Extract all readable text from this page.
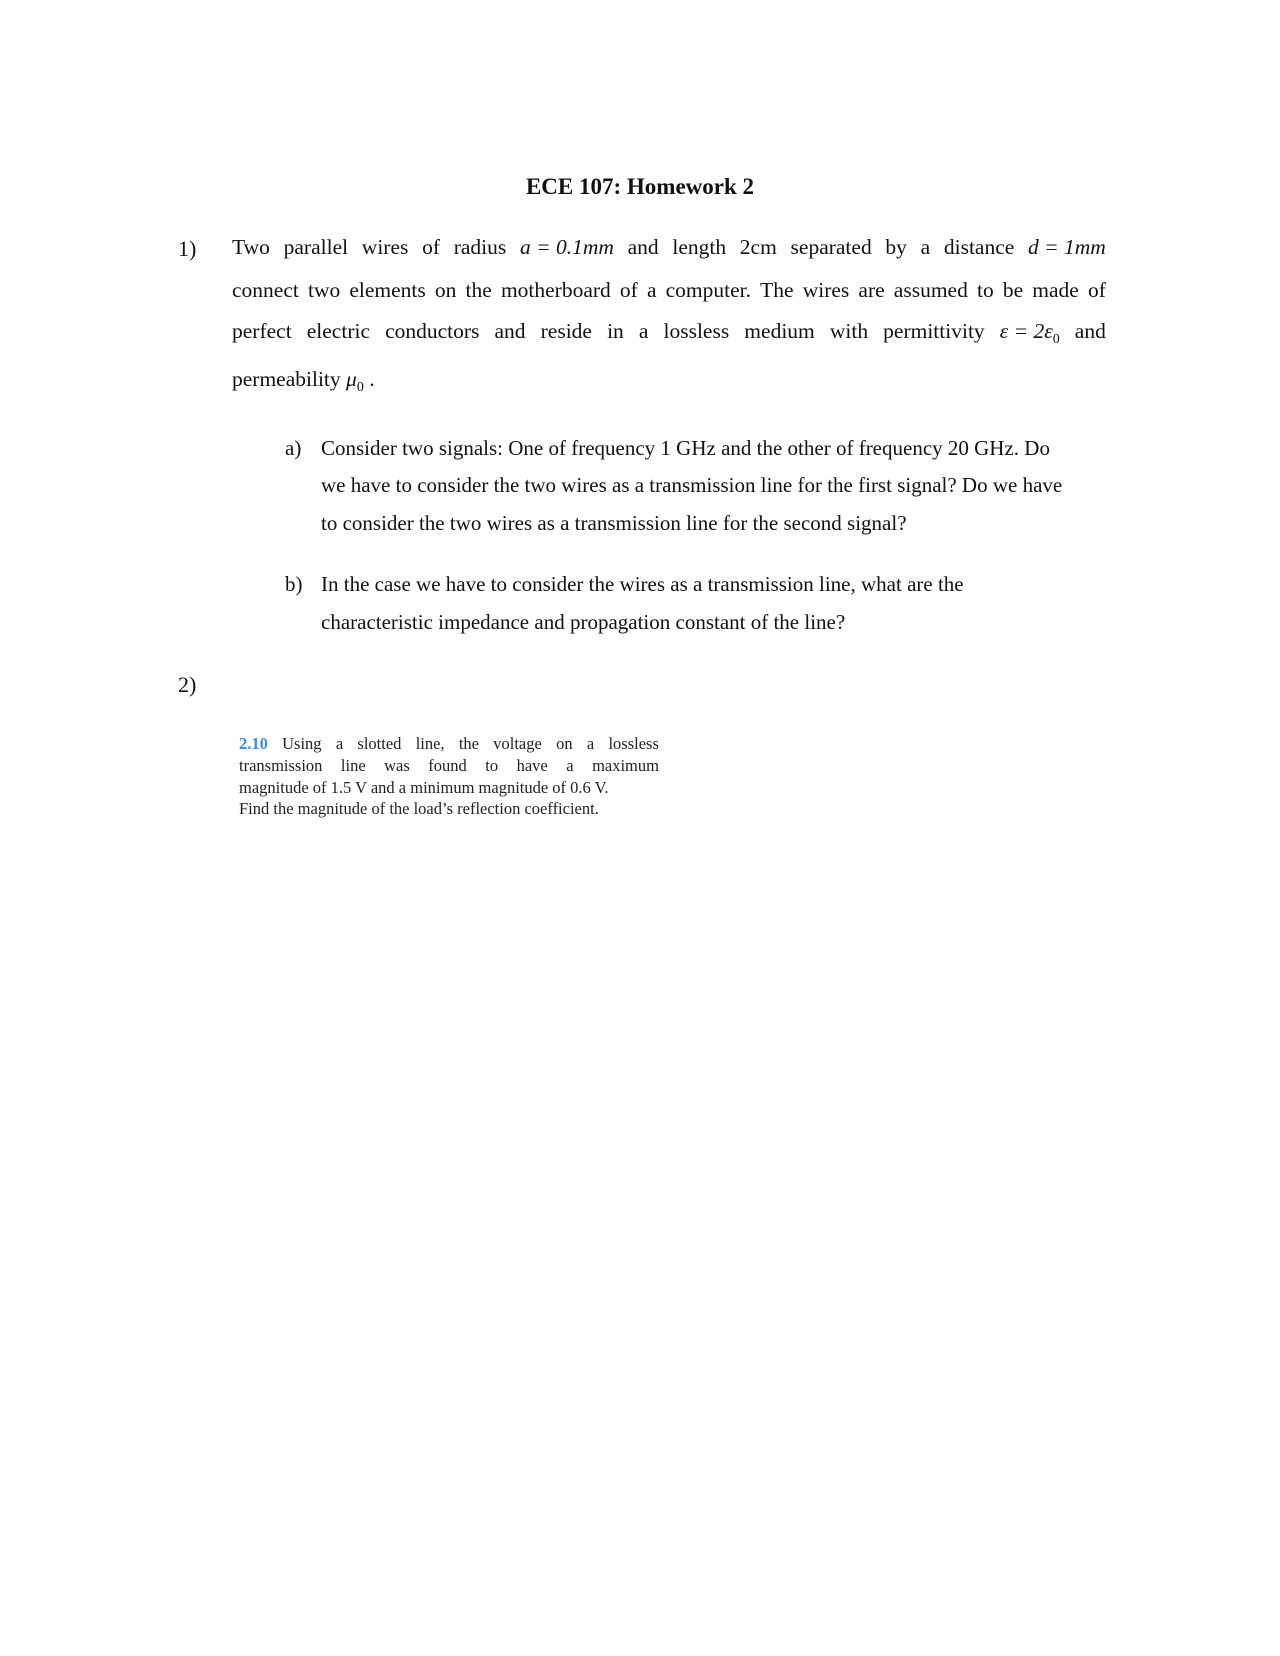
ECE 107: Homework 2
1) Two parallel wires of radius a = 0.1mm and length 2cm separated by a distance d = 1mm
connect two elements on the motherboard of a computer. The wires are assumed to be made of
perfect electric conductors and reside in a lossless medium with permittivity $\varepsilon = 2\varepsilon_0$ and
permeability $\mu_0$ .
a) Consider two signals: One of frequency 1 GHz and the other of frequency 20 GHz. Do
we have to consider the two wires as a transmission line for the first signal? Do we have
to consider the two wires as a transmission line for the second signal?
b) In the case we have to consider the wires as a transmission line, what are the
characteristic impedance and propagation constant of the line?
2)
2.10 Using a slotted line, the voltage on a lossless
transmission line was found to have a maximum
magnitude of 1.5 V and a minimum magnitude of 0.6 V.
Find the magnitude of the load’s reflection coefficient.
